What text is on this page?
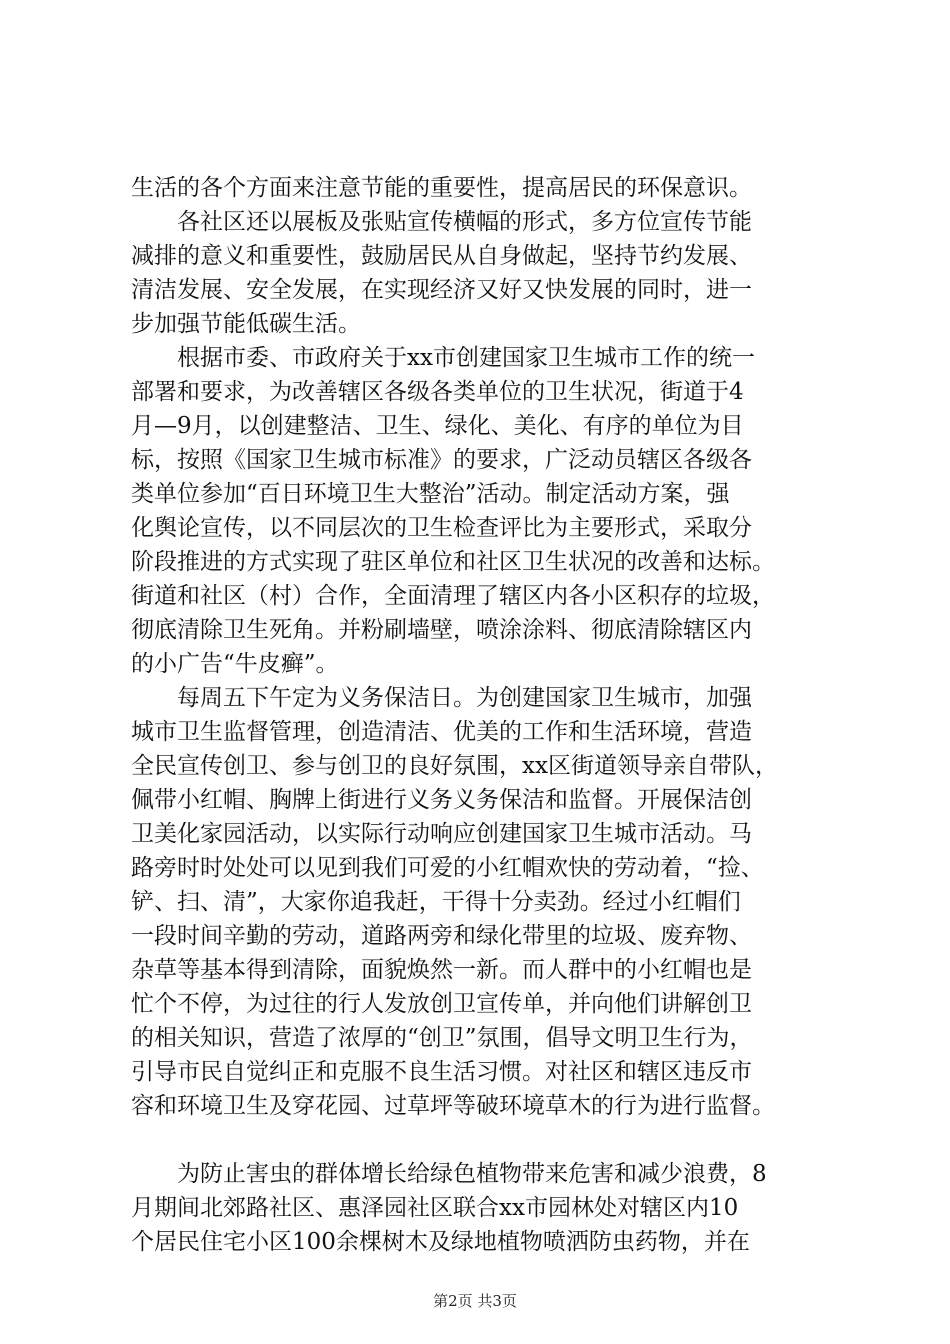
生活的各个方面来注意节能的重要性，提高居民的环保意识。
各社区还以展板及张贴宣传横幅的形式，多方位宣传节能
减排的意义和重要性，鼓励居民从自身做起，坚持节约发展、
清洁发展、安全发展，在实现经济又好又快发展的同时，进一
步加强节能低碳生活。
根据市委、市政府关于xx市创建国家卫生城市工作的统一
部署和要求，为改善辖区各级各类单位的卫生状况，街道于4
月—9月，以创建整洁、卫生、绿化、美化、有序的单位为目
标，按照《国家卫生城市标准》的要求，广泛动员辖区各级各
类单位参加“百日环境卫生大整治”活动。制定活动方案，强
化舆论宣传，以不同层次的卫生检查评比为主要形式，采取分
阶段推进的方式实现了驻区单位和社区卫生状况的改善和达标。
街道和社区（村）合作，全面清理了辖区内各小区积存的垃圾，
彻底清除卫生死角。并粉刷墙壁，喷涂涂料、彻底清除辖区内
的小广告“牛皮癣”。
每周五下午定为义务保洁日。为创建国家卫生城市，加强
城市卫生监督管理，创造清洁、优美的工作和生活环境，营造
全民宣传创卫、参与创卫的良好氛围，xx区街道领导亲自带队，
佩带小红帽、胸牌上街进行义务义务保洁和监督。开展保洁创
卫美化家园活动，以实际行动响应创建国家卫生城市活动。马
路旁时时处处可以见到我们可爱的小红帽欢快的劳动着，“捡、
铲、扫、清”，大家你追我赶，干得十分卖劲。经过小红帽们
一段时间辛勤的劳动，道路两旁和绿化带里的垃圾、废弃物、
杂草等基本得到清除，面貌焕然一新。而人群中的小红帽也是
忙个不停，为过往的行人发放创卫宣传单，并向他们讲解创卫
的相关知识，营造了浓厚的“创卫”氛围，倡导文明卫生行为，
引导市民自觉纠正和克服不良生活习惯。对社区和辖区违反市
容和环境卫生及穿花园、过草坪等破环境草木的行为进行监督。
为防止害虫的群体增长给绿色植物带来危害和减少浪费，8
月期间北郊路社区、惠泽园社区联合xx市园林处对辖区内10
个居民住宅小区100余棵树木及绿地植物喷洒防虫药物，并在
第2页 共3页
